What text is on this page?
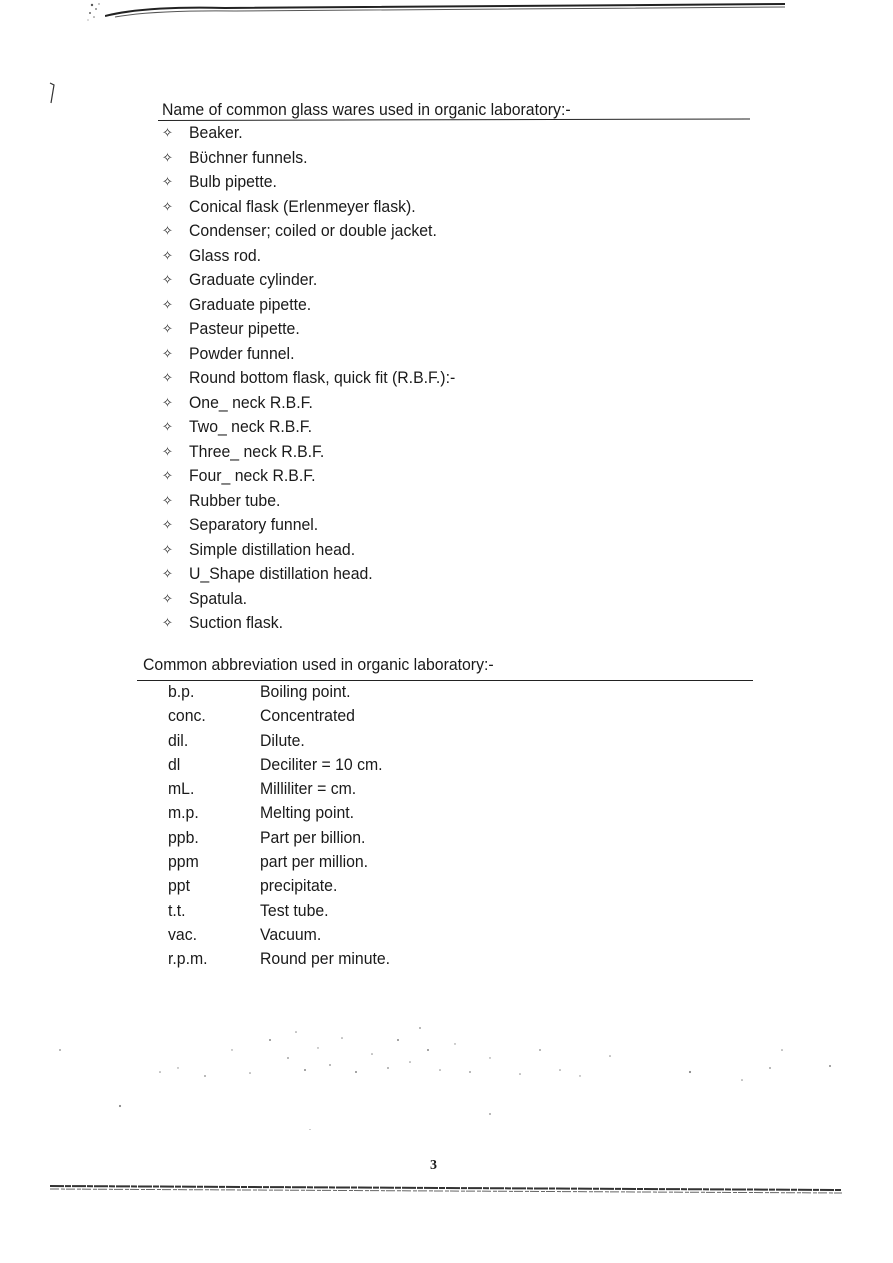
Name of common glass wares used in organic laboratory:-
✧ Beaker.
✧ Bϋchner funnels.
✧ Bulb pipette.
✧ Conical flask (Erlenmeyer flask).
✧ Condenser; coiled or double jacket.
✧ Glass rod.
✧ Graduate cylinder.
✧ Graduate pipette.
✧ Pasteur pipette.
✧ Powder funnel.
✧ Round bottom flask, quick fit (R.B.F.):-
✧ One_ neck R.B.F.
✧ Two_ neck R.B.F.
✧ Three_ neck R.B.F.
✧ Four_ neck R.B.F.
✧ Rubber tube.
✧ Separatory funnel.
✧ Simple distillation head.
✧ U_Shape distillation head.
✧ Spatula.
✧ Suction flask.
Common abbreviation used in organic laboratory:-
b.p.	Boiling point.
conc.	Concentrated
dil.	Dilute.
dl	Deciliter = 10 cm.
mL.	Milliliter = cm.
m.p.	Melting point.
ppb.	Part per billion.
ppm	part per million.
ppt	precipitate.
t.t.	Test tube.
vac.	Vacuum.
r.p.m.	Round per minute.
3
